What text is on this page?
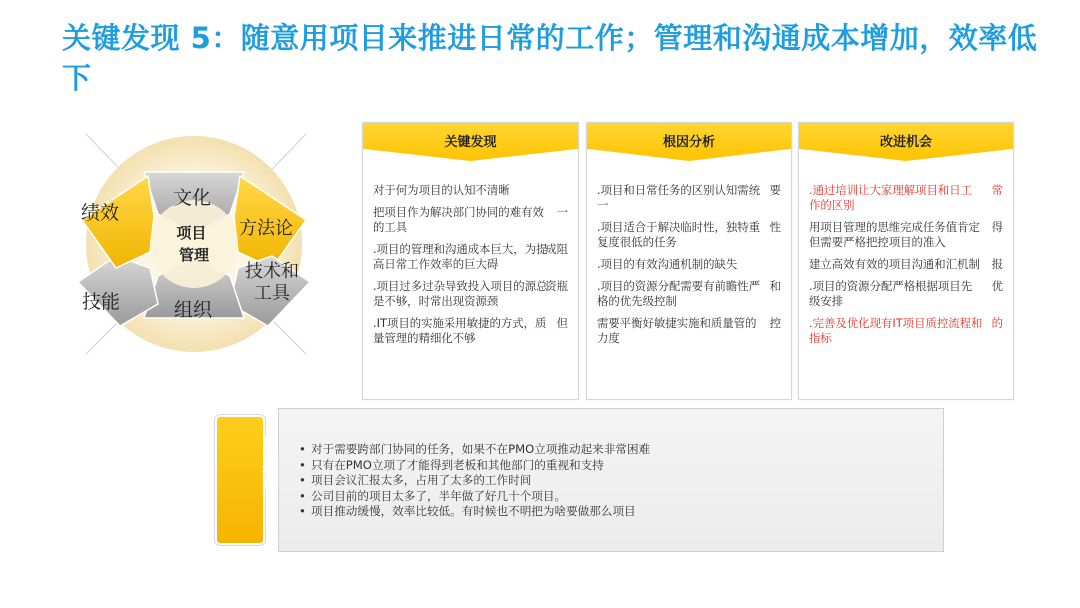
关键发现 5：随意用项目来推进日常的工作；管理和沟通成本增加，效率低下
项目 管理
文化
方法论
技术和工具
组织
技能
绩效
关键发现
对于何为项目的认知不清晰
把项目作为解决部门协同的难有效的工具
一
.项目的管理和沟通成本巨大，为提高日常工作效率的巨大碍
成阻
.项目过多过杂导致投入项目的源总是不够，时常出现资源颈
资瓶
.IT项目的实施采用敏捷的方式，质量管理的精细化不够
但
根因分析
.项目和日常任务的区别认知需统一
要
.项目适合于解决临时性，独特重复度很低的任务
性
.项目的有效沟通机制的缺失
.项目的资源分配需要有前瞻性严格的优先级控制
和
需要平衡好敏捷实施和质量管的力度
控
改进机会
.通过培训让大家理解项目和日工作的区别
常
用项目管理的思维完成任务值肯定但需要严格把控项目的准入
得
建立高效有效的项目沟通和汇机制	报
.项目的资源分配严格根据项目先级安排
优
.完善及优化现有IT项目质控流程和指标
的
访谈摘要
•	对于需要跨部门协同的任务，如果不在PMO立项推动起来非常困难
• 只有在PMO立项了才能得到老板和其他部门的重视和支持
• 项目会议汇报太多，占用了太多的工作时间
• 公司目前的项目太多了，半年做了好几十个项目。
• 项目推动缓慢，效率比较低。有时候也不明把为啥要做那么项目
